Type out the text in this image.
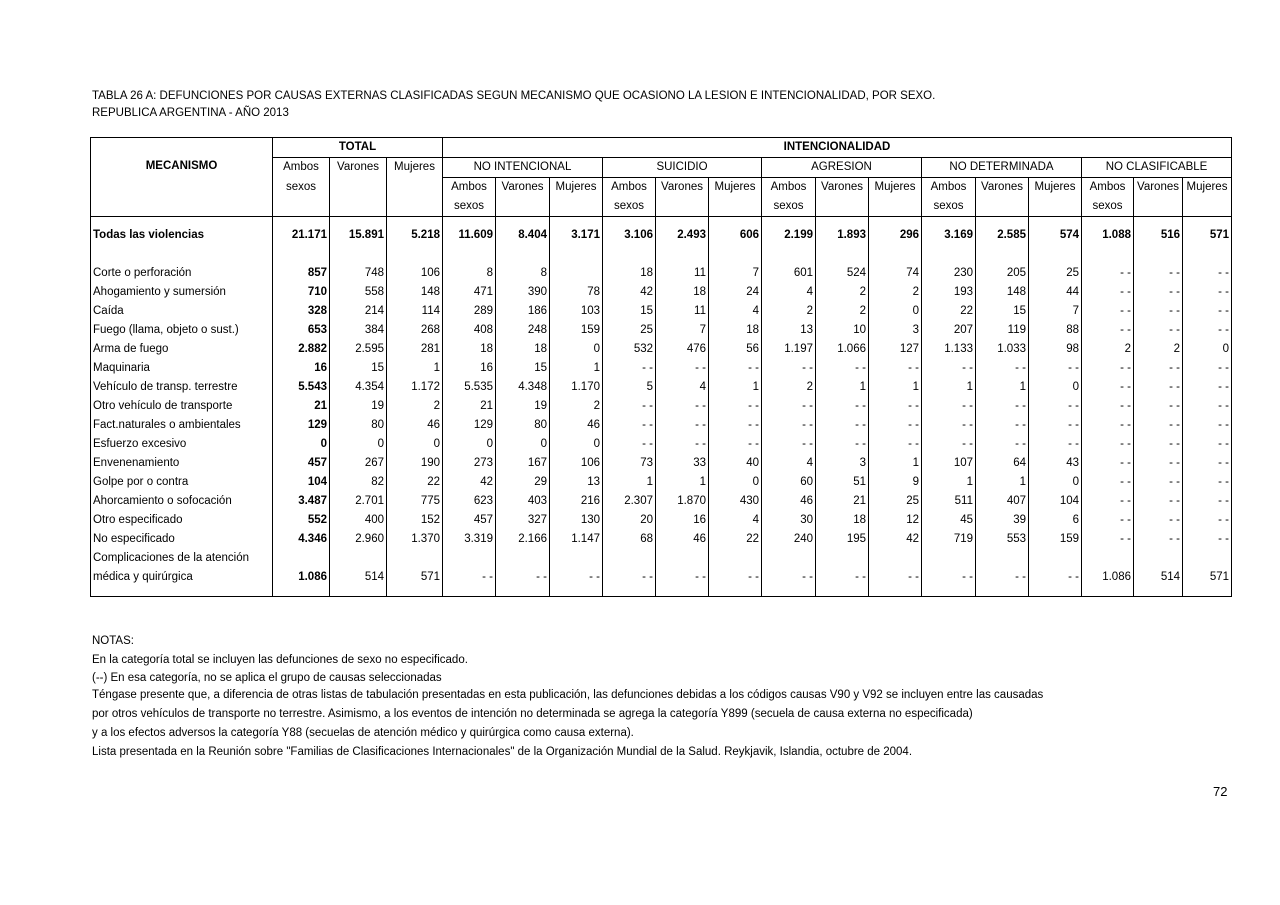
TABLA 26 A: DEFUNCIONES POR CAUSAS EXTERNAS CLASIFICADAS SEGUN MECANISMO QUE OCASIONO LA LESION E INTENCIONALIDAD, POR SEXO.
REPUBLICA ARGENTINA - AÑO 2013
MECANISMO	TOTAL			INTENCIONALIDAD														
	Ambos	Varones	Mujeres	NO INTENCIONAL			SUICIDIO			AGRESION			NO DETERMINADA			NO CLASIFICABLE		
	sexos			Ambos	Varones	Mujeres	Ambos	Varones	Mujeres	Ambos	Varones	Mujeres	Ambos	Varones	Mujeres	Ambos	Varones	Mujeres
				sexos			sexos			sexos			sexos			sexos		

Todas las violencias	21.171	15.891	5.218	11.609	8.404	3.171	3.106	2.493	606	2.199	1.893	296	3.169	2.585	574	1.088	516	571

Corte o perforación	857	748	106	8	8		18	11	7	601	524	74	230	205	25	- -	- -	- -
Ahogamiento y sumersión	710	558	148	471	390	78	42	18	24	4	2	2	193	148	44	- -	- -	- -
Caída	328	214	114	289	186	103	15	11	4	2	2	0	22	15	7	- -	- -	- -
Fuego (llama, objeto o sust.)	653	384	268	408	248	159	25	7	18	13	10	3	207	119	88	- -	- -	- -
Arma de fuego	2.882	2.595	281	18	18	0	532	476	56	1.197	1.066	127	1.133	1.033	98	2	2	0
Maquinaria	16	15	1	16	15	1	- -	- -	- -	- -	- -	- -	- -	- -	- -	- -	- -	- -
Vehículo de transp. terrestre	5.543	4.354	1.172	5.535	4.348	1.170	5	4	1	2	1	1	1	1	0	- -	- -	- -
Otro vehículo de transporte	21	19	2	21	19	2	- -	- -	- -	- -	- -	- -	- -	- -	- -	- -	- -	- -
Fact.naturales o ambientales	129	80	46	129	80	46	- -	- -	- -	- -	- -	- -	- -	- -	- -	- -	- -	- -
Esfuerzo excesivo	0	0	0	0	0	0	- -	- -	- -	- -	- -	- -	- -	- -	- -	- -	- -	- -
Envenenamiento	457	267	190	273	167	106	73	33	40	4	3	1	107	64	43	- -	- -	- -
Golpe por o contra	104	82	22	42	29	13	1	1	0	60	51	9	1	1	0	- -	- -	- -
Ahorcamiento o sofocación	3.487	2.701	775	623	403	216	2.307	1.870	430	46	21	25	511	407	104	- -	- -	- -
Otro especificado	552	400	152	457	327	130	20	16	4	30	18	12	45	39	6	- -	- -	- -
No especificado	4.346	2.960	1.370	3.319	2.166	1.147	68	46	22	240	195	42	719	553	159	- -	- -	- -
Complicaciones de la atención																		
médica y quirúrgica	1.086	514	571	- -	- -	- -	- -	- -	- -	- -	- -	- -	- -	- -	- -	1.086	514	571

NOTAS:
En la categoría total se incluyen las defunciones de sexo no especificado.
(--) En esa categoría, no se aplica el grupo de causas seleccionadas
Téngase presente que, a diferencia de otras listas de tabulación presentadas en esta publicación, las defunciones debidas a los códigos causas V90 y V92 se incluyen entre las causadas
por otros vehículos de transporte no terrestre. Asimismo, a los eventos de intención no determinada se agrega la categoría Y899 (secuela de causa externa no especificada)
y a los efectos adversos la categoría Y88 (secuelas de atención médico y quirúrgica como causa externa).
Lista presentada en la Reunión sobre "Familias de Clasificaciones Internacionales" de la Organización Mundial de la Salud. Reykjavik, Islandia, octubre de 2004.
72
